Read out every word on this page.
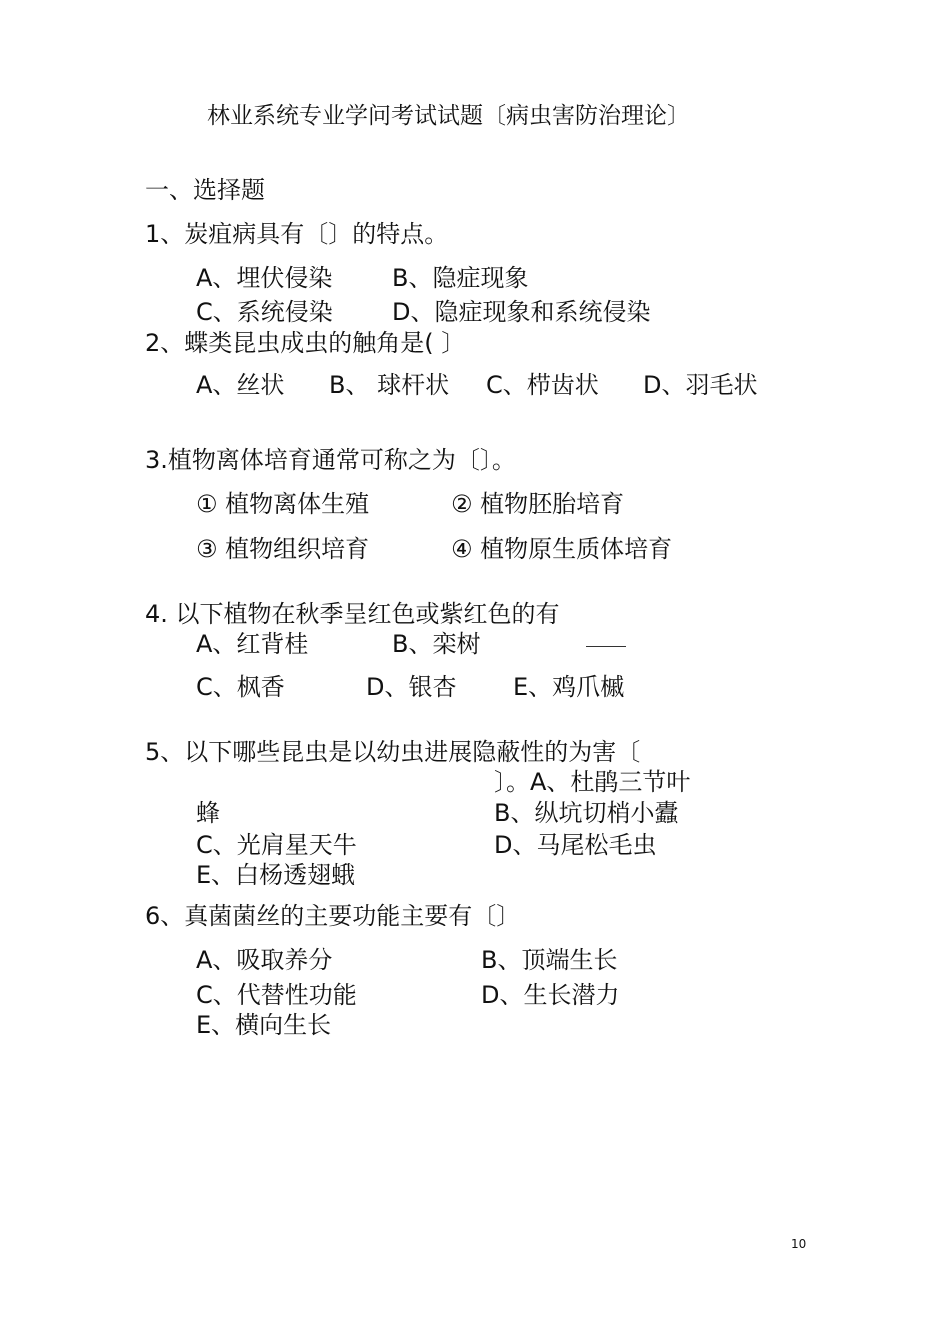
林业系统专业学问考试试题〔病虫害防治理论〕
一、选择题
1、炭疽病具有〔〕的特点。
A、埋伏侵染 B、隐症现象
C、系统侵染 D、隐症现象和系统侵染
2、蝶类昆虫成虫的触角是( 〕
A、丝状 B、 球杆状 C、栉齿状 D、羽毛状
3.植物离体培育通常可称之为〔〕。
① 植物离体生殖	② 植物胚胎培育
③ 植物组织培育	④ 植物原生质体培育
4. 以下植物在秋季呈红色或紫红色的有
A、红背桂	B、栾树
C、枫香	D、银杏 E、鸡爪槭
5、以下哪些昆虫是以幼虫进展隐蔽性的为害〔
〕。A、杜鹃三节叶
蜂	B、纵坑切梢小蠹
C、光肩星天牛	D、马尾松毛虫
E、白杨透翅蛾
6、真菌菌丝的主要功能主要有〔〕
A、吸取养分	B、顶端生长
C、代替性功能	D、生长潜力
E、横向生长
10
